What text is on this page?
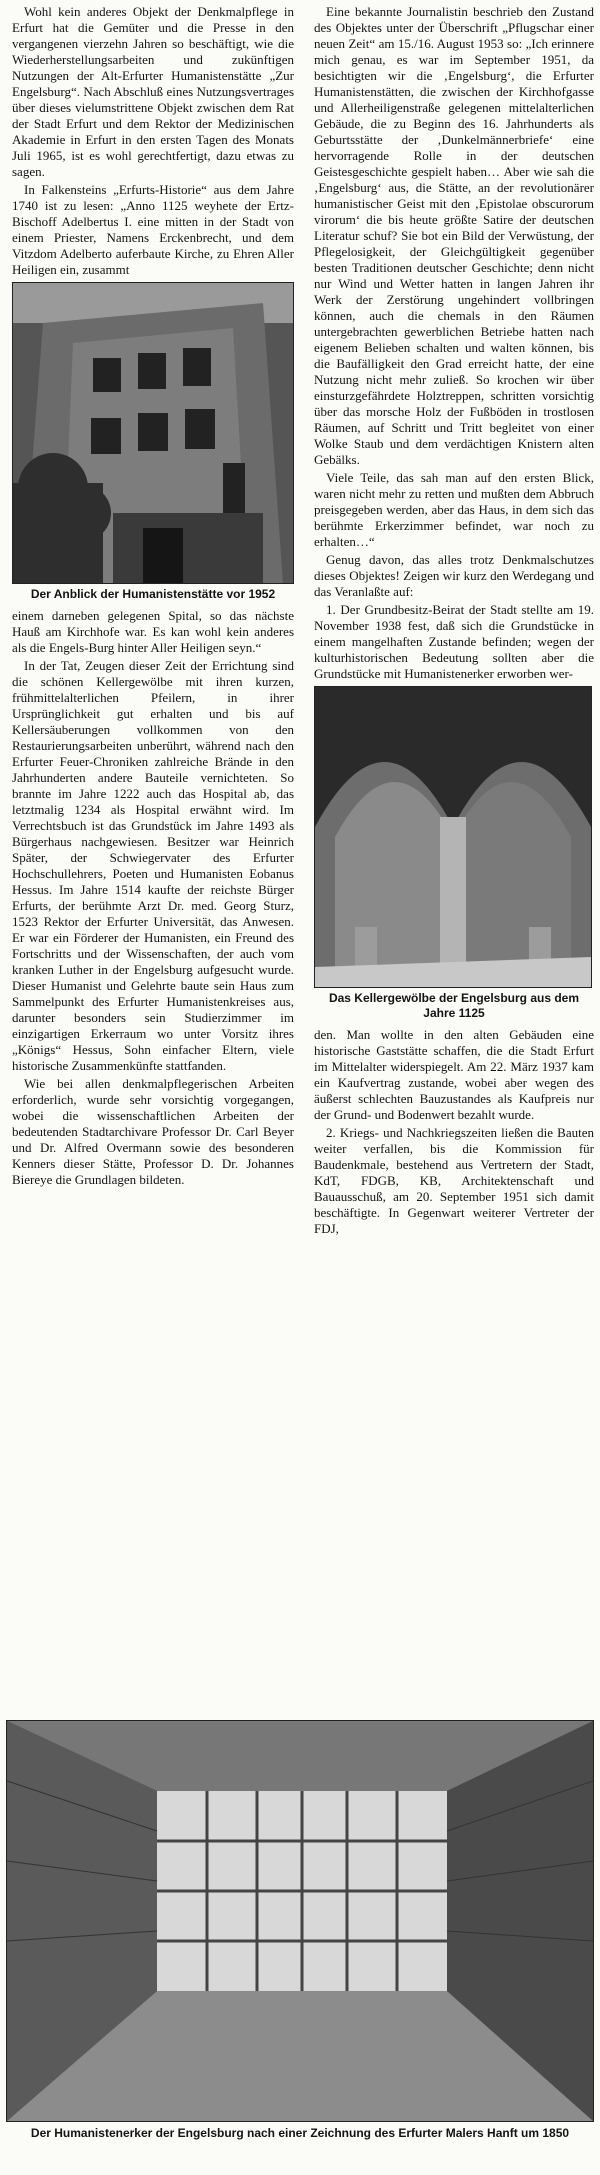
Wohl kein anderes Objekt der Denkmalpflege in Erfurt hat die Gemüter und die Presse in den vergangenen vierzehn Jahren so beschäftigt, wie die Wiederherstellungsarbeiten und zukünftigen Nutzungen der Alt-Erfurter Humanistenstätte „Zur Engelsburg“. Nach Abschluß eines Nutzungsvertrages über dieses vielumstrittene Objekt zwischen dem Rat der Stadt Erfurt und dem Rektor der Medizinischen Akademie in Erfurt in den ersten Tagen des Monats Juli 1965, ist es wohl gerechtfertigt, dazu etwas zu sagen.

In Falkensteins „Erfurts-Historie“ aus dem Jahre 1740 ist zu lesen: „Anno 1125 weyhete der Ertz-Bischoff Adelbertus I. eine mitten in der Stadt von einem Priester, Namens Erckenbrecht, und dem Vitzdom Adelberto auferbaute Kirche, zu Ehren Aller Heiligen ein, zusammt

Der Anblick der Humanistenstätte vor 1952

einem darneben gelegenen Spital, so das nächste Hauß am Kirchhofe war. Es kan wohl kein anderes als die Engels-Burg hinter Aller Heiligen seyn.“

In der Tat, Zeugen dieser Zeit der Errichtung sind die schönen Kellergewölbe mit ihren kurzen, frühmittelalterlichen Pfeilern, in ihrer Ursprünglichkeit gut erhalten und bis auf Kellersäuberungen vollkommen von den Restaurierungsarbeiten unberührt, während nach den Erfurter Feuer-Chroniken zahlreiche Brände in den Jahrhunderten andere Bauteile vernichteten. So brannte im Jahre 1222 auch das Hospital ab, das letztmalig 1234 als Hospital erwähnt wird. Im Verrechtsbuch ist das Grundstück im Jahre 1493 als Bürgerhaus nachgewiesen. Besitzer war Heinrich Später, der Schwiegervater des Erfurter Hochschullehrers, Poeten und Humanisten Eobanus Hessus. Im Jahre 1514 kaufte der reichste Bürger Erfurts, der berühmte Arzt Dr. med. Georg Sturz, 1523 Rektor der Erfurter Universität, das Anwesen. Er war ein Förderer der Humanisten, ein Freund des Fortschritts und der Wissenschaften, der auch vom kranken Luther in der Engelsburg aufgesucht wurde. Dieser Humanist und Gelehrte baute sein Haus zum Sammelpunkt des Erfurter Humanistenkreises aus, darunter besonders sein Studierzimmer im einzigartigen Erkerraum wo unter Vorsitz ihres „Königs“ Hessus, Sohn einfacher Eltern, viele historische Zusammenkünfte stattfanden.

Wie bei allen denkmalpflegerischen Arbeiten erforderlich, wurde sehr vorsichtig vorgegangen, wobei die wissenschaftlichen Arbeiten der bedeutenden Stadtarchivare Professor Dr. Carl Beyer und Dr. Alfred Overmann sowie des besonderen Kenners dieser Stätte, Professor D. Dr. Johannes Biereye die Grundlagen bildeten.

Eine bekannte Journalistin beschrieb den Zustand des Objektes unter der Überschrift „Pflugschar einer neuen Zeit“ am 15./16. August 1953 so: „Ich erinnere mich genau, es war im September 1951, da besichtigten wir die ‚Engelsburg‘, die Erfurter Humanistenstätten, die zwischen der Kirchhofgasse und Allerheiligenstraße gelegenen mittelalterlichen Gebäude, die zu Beginn des 16. Jahrhunderts als Geburtsstätte der ‚Dunkelmännerbriefe‘ eine hervorragende Rolle in der deutschen Geistesgeschichte gespielt haben… Aber wie sah die ‚Engelsburg‘ aus, die Stätte, an der revolutionärer humanistischer Geist mit den ‚Epistolae obscurorum virorum‘ die bis heute größte Satire der deutschen Literatur schuf? Sie bot ein Bild der Verwüstung, der Pflegelosigkeit, der Gleichgültigkeit gegenüber besten Traditionen deutscher Geschichte; denn nicht nur Wind und Wetter hatten in langen Jahren ihr Werk der Zerstörung ungehindert vollbringen können, auch die chemals in den Räumen untergebrachten gewerblichen Betriebe hatten nach eigenem Belieben schalten und walten können, bis die Baufälligkeit den Grad erreicht hatte, der eine Nutzung nicht mehr zuließ. So krochen wir über einsturzgefährdete Holztreppen, schritten vorsichtig über das morsche Holz der Fußböden in trostlosen Räumen, auf Schritt und Tritt begleitet von einer Wolke Staub und dem verdächtigen Knistern alten Gebälks.

Viele Teile, das sah man auf den ersten Blick, waren nicht mehr zu retten und mußten dem Abbruch preisgegeben werden, aber das Haus, in dem sich das berühmte Erkerzimmer befindet, war noch zu erhalten…“

Genug davon, das alles trotz Denkmalschutzes dieses Objektes! Zeigen wir kurz den Werdegang und das Veranlaßte auf:

1. Der Grundbesitz-Beirat der Stadt stellte am 19. November 1938 fest, daß sich die Grundstücke in einem mangelhaften Zustande befinden; wegen der kulturhistorischen Bedeutung sollten aber die Grundstücke mit Humanistenerker erworben wer-

Das Kellergewölbe der Engelsburg aus dem Jahre 1125

den. Man wollte in den alten Gebäuden eine historische Gaststätte schaffen, die die Stadt Erfurt im Mittelalter widerspiegelt. Am 22. März 1937 kam ein Kaufvertrag zustande, wobei aber wegen des äußerst schlechten Bauzustandes als Kaufpreis nur der Grund- und Bodenwert bezahlt wurde.

2. Kriegs- und Nachkriegszeiten ließen die Bauten weiter verfallen, bis die Kommission für Baudenkmale, bestehend aus Vertretern der Stadt, KdT, FDGB, KB, Architektenschaft und Bauausschuß, am 20. September 1951 sich damit beschäftigte. In Gegenwart weiterer Vertreter der FDJ,

Der Humanistenerker der Engelsburg nach einer Zeichnung des Erfurter Malers Hanft um 1850
